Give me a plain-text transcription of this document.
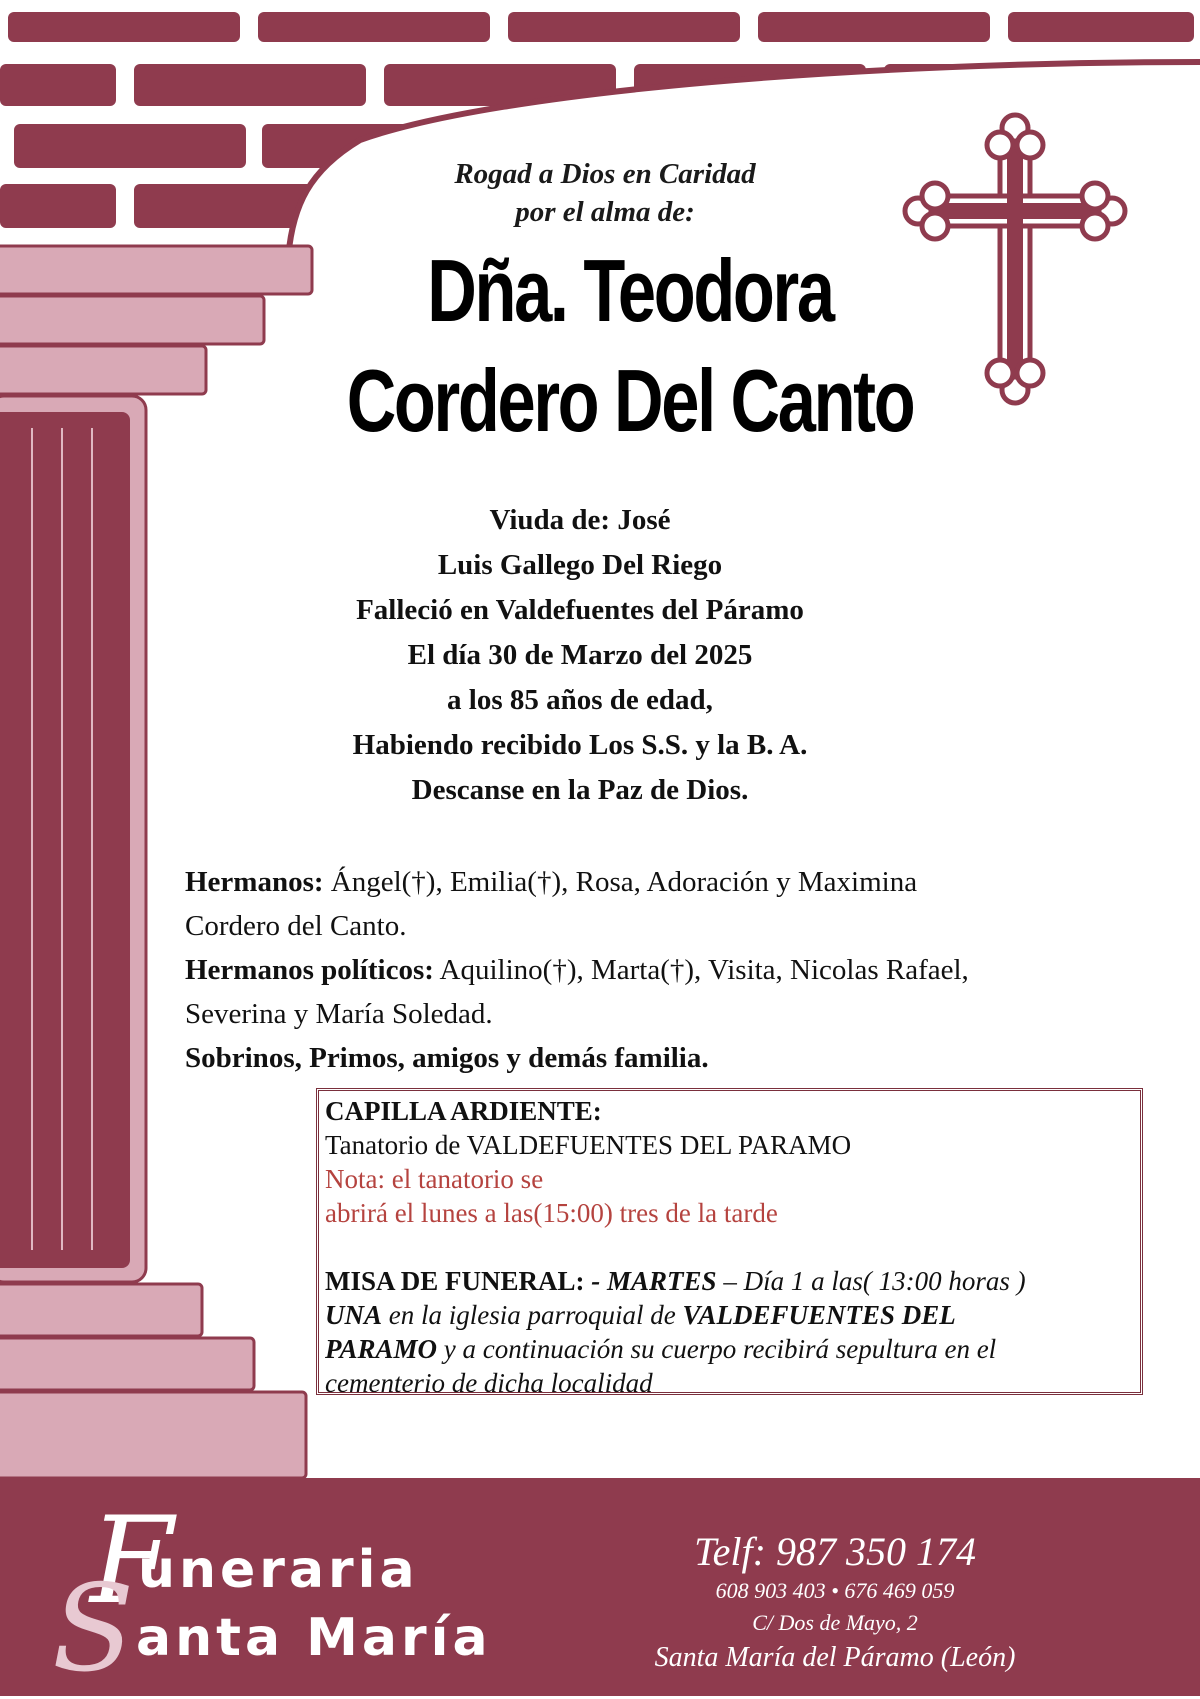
Rogad a Dios en Caridad
por el alma de:
Dña. Teodora
Cordero Del Canto
Viuda de: José
Luis Gallego Del Riego
Falleció en Valdefuentes del Páramo
El día 30 de Marzo del 2025
a los 85 años de edad,
Habiendo recibido Los S.S. y la B. A.
Descanse en la Paz de Dios.
Hermanos: Ángel(†), Emilia(†), Rosa, Adoración y Maximina
Cordero del Canto.
Hermanos políticos: Aquilino(†), Marta(†), Visita, Nicolas Rafael,
Severina y María Soledad.
Sobrinos, Primos, amigos y demás familia.
CAPILLA ARDIENTE:
Tanatorio de VALDEFUENTES DEL PARAMO
Nota: el tanatorio se
abrirá el lunes a las(15:00) tres de la tarde
MISA DE FUNERAL: - MARTES – Día 1 a las( 13:00 horas )
UNA en la iglesia parroquial de VALDEFUENTES DEL
PARAMO y a continuación su cuerpo recibirá sepultura en el
cementerio de dicha localidad
F
S uneraria
anta María
Telf: 987 350 174
608 903 403 • 676 469 059
C/ Dos de Mayo, 2
Santa María del Páramo (León)
